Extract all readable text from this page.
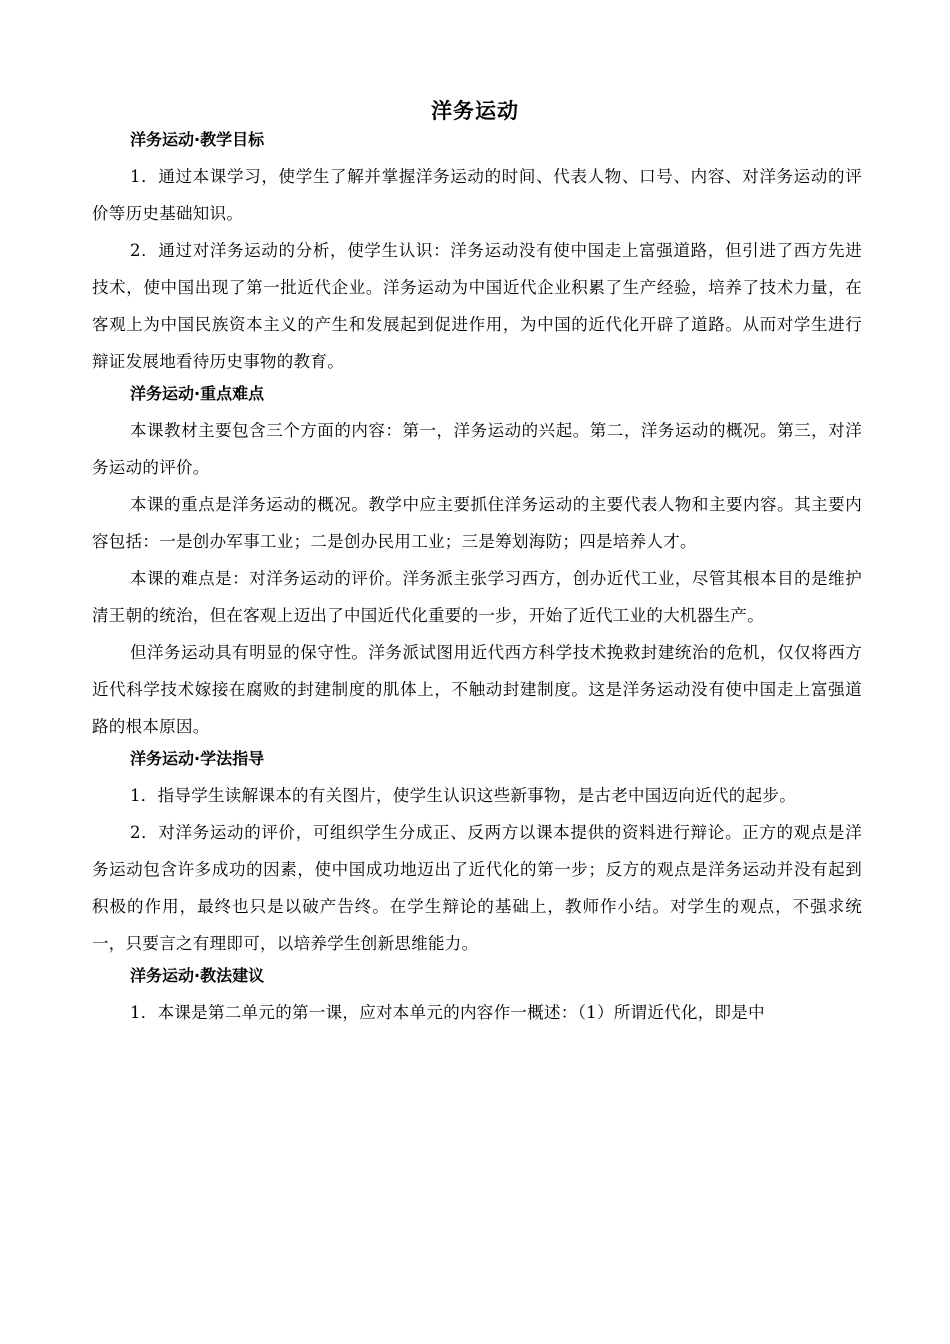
洋务运动
洋务运动·教学目标

1．通过本课学习，使学生了解并掌握洋务运动的时间、代表人物、口号、内容、对洋务运动的评价等历史基础知识。

2．通过对洋务运动的分析，使学生认识：洋务运动没有使中国走上富强道路，但引进了西方先进技术，使中国出现了第一批近代企业。洋务运动为中国近代企业积累了生产经验，培养了技术力量，在客观上为中国民族资本主义的产生和发展起到促进作用，为中国的近代化开辟了道路。从而对学生进行辩证发展地看待历史事物的教育。

洋务运动·重点难点

本课教材主要包含三个方面的内容：第一，洋务运动的兴起。第二，洋务运动的概况。第三，对洋务运动的评价。

本课的重点是洋务运动的概况。教学中应主要抓住洋务运动的主要代表人物和主要内容。其主要内容包括：一是创办军事工业；二是创办民用工业；三是筹划海防；四是培养人才。

本课的难点是：对洋务运动的评价。洋务派主张学习西方，创办近代工业，尽管其根本目的是维护清王朝的统治，但在客观上迈出了中国近代化重要的一步，开始了近代工业的大机器生产。

但洋务运动具有明显的保守性。洋务派试图用近代西方科学技术挽救封建统治的危机，仅仅将西方近代科学技术嫁接在腐败的封建制度的肌体上，不触动封建制度。这是洋务运动没有使中国走上富强道路的根本原因。

洋务运动·学法指导

1．指导学生读解课本的有关图片，使学生认识这些新事物，是古老中国迈向近代的起步。

2．对洋务运动的评价，可组织学生分成正、反两方以课本提供的资料进行辩论。正方的观点是洋务运动包含许多成功的因素，使中国成功地迈出了近代化的第一步；反方的观点是洋务运动并没有起到积极的作用，最终也只是以破产告终。在学生辩论的基础上，教师作小结。对学生的观点，不强求统一，只要言之有理即可，以培养学生创新思维能力。

洋务运动·教法建议

1．本课是第二单元的第一课，应对本单元的内容作一概述：（1）所谓近代化，即是中
